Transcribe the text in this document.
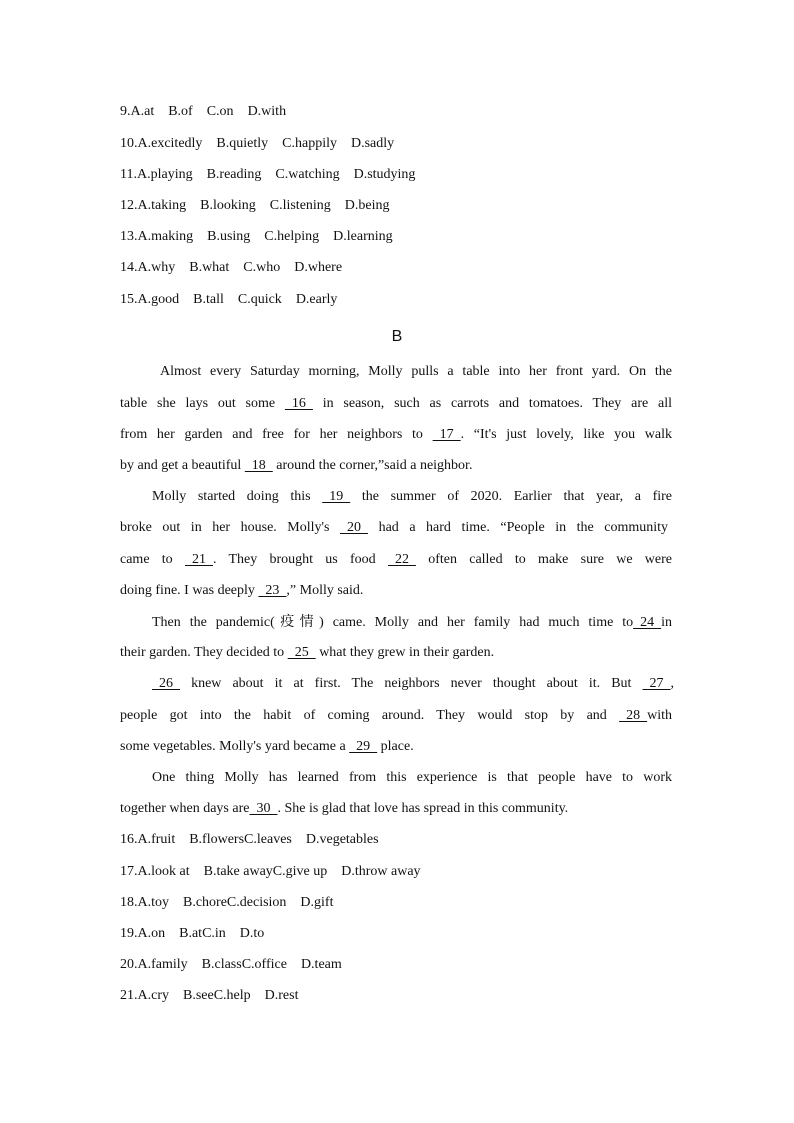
9.A.at B.of C.on D.with
10.A.excitedly B.quietly C.happily D.sadly
11.A.playing B.reading C.watching D.studying
12.A.taking B.looking C.listening D.being
13.A.making B.using C.helping D.learning
14.A.why B.what C.who D.where
15.A.good B.tall C.quick D.early
B
Almost every Saturday morning, Molly pulls a table into her front yard. On the
table she lays out some   16   in season, such as carrots and tomatoes. They are all
from her garden and free for her neighbors to   17  . “It's just lovely, like you walk
by and get a beautiful   18   around the corner,”said a neighbor.
Molly started doing this   19   the summer of 2020. Earlier that year, a fire
broke out in her house. Molly's   20   had a hard time. “People in the community
came to   21  . They brought us food   22   often called to make sure we were
doing fine. I was deeply   23  ,” Molly said.
Then the pandemic(疫情) came. Molly and her family had much time to  24  in
their garden. They decided to   25   what they grew in their garden.
26   knew about it at first. The neighbors never thought about it. But   27  ,
people got into the habit of coming around. They would stop by and   28  with
some vegetables. Molly's yard became a   29   place.
One thing Molly has learned from this experience is that people have to work
together when days are  30  . She is glad that love has spread in this community.
16.A.fruit B.flowersC.leaves D.vegetables
17.A.look at B.take awayC.give up D.throw away
18.A.toy B.choreC.decision D.gift
19.A.on B.atC.in D.to
20.A.family B.classC.office D.team
21.A.cry B.seeC.help D.rest
